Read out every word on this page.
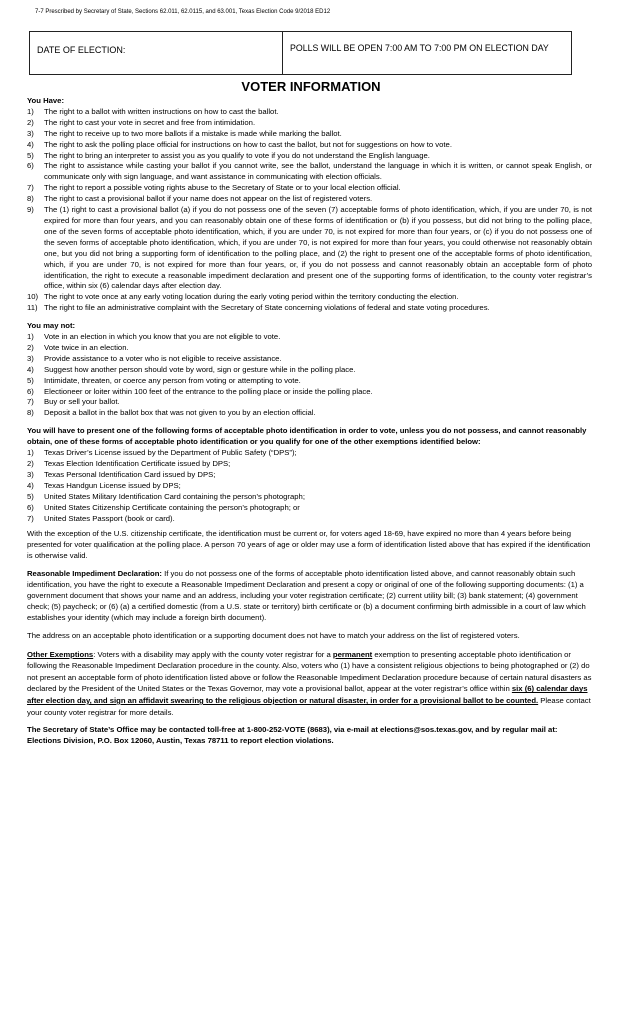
7-7 Prescribed by Secretary of State, Sections 62.011, 62.0115, and 63.001, Texas Election Code 9/2018 ED12
DATE OF ELECTION:	POLLS WILL BE OPEN 7:00 AM TO 7:00 PM ON ELECTION DAY
VOTER INFORMATION
You Have:
1)	The right to a ballot with written instructions on how to cast the ballot.
2)	The right to cast your vote in secret and free from intimidation.
3)	The right to receive up to two more ballots if a mistake is made while marking the ballot.
4)	The right to ask the polling place official for instructions on how to cast the ballot, but not for suggestions on how to vote.
5)	The right to bring an interpreter to assist you as you qualify to vote if you do not understand the English language.
6)	The right to assistance while casting your ballot if you cannot write, see the ballot, understand the language in which it is written, or cannot speak English, or communicate only with sign language, and want assistance in communicating with election officials.
7)	The right to report a possible voting rights abuse to the Secretary of State or to your local election official.
8)	The right to cast a provisional ballot if your name does not appear on the list of registered voters.
9)	The (1) right to cast a provisional ballot (a) if you do not possess one of the seven (7) acceptable forms of photo identification, which, if you are under 70, is not expired for more than four years, and you can reasonably obtain one of these forms of identification or (b) if you possess, but did not bring to the polling place, one of the seven forms of acceptable photo identification, which, if you are under 70, is not expired for more than four years, or (c) if you do not possess one of the seven forms of acceptable photo identification, which, if you are under 70, is not expired for more than four years, you could otherwise not reasonably obtain one, but you did not bring a supporting form of identification to the polling place, and (2) the right to present one of the acceptable forms of photo identification, which, if you are under 70, is not expired for more than four years, or, if you do not possess and cannot reasonably obtain an acceptable form of photo identification, the right to execute a reasonable impediment declaration and present one of the supporting forms of identification, to the county voter registrar’s office, within six (6) calendar days after election day.
10) The right to vote once at any early voting location during the early voting period within the territory conducting the election.
11) The right to file an administrative complaint with the Secretary of State concerning violations of federal and state voting procedures.
You may not:
1)	Vote in an election in which you know that you are not eligible to vote.
2)	Vote twice in an election.
3)	Provide assistance to a voter who is not eligible to receive assistance.
4)	Suggest how another person should vote by word, sign or gesture while in the polling place.
5)	Intimidate, threaten, or coerce any person from voting or attempting to vote.
6)	Electioneer or loiter within 100 feet of the entrance to the polling place or inside the polling place.
7)	Buy or sell your ballot.
8)	Deposit a ballot in the ballot box that was not given to you by an election official.

You will have to present one of the following forms of acceptable photo identification in order to vote, unless you do not possess, and cannot reasonably obtain, one of these forms of acceptable photo identification or you qualify for one of the other exemptions identified below:

1)	Texas Driver’s License issued by the Department of Public Safety (“DPS”);
2)	Texas Election Identification Certificate issued by DPS;
3)	Texas Personal Identification Card issued by DPS;
4)	Texas Handgun License issued by DPS;
5)	United States Military Identification Card containing the person’s photograph;
6)	United States Citizenship Certificate containing the person’s photograph; or
7)	United States Passport (book or card).

With the exception of the U.S. citizenship certificate, the identification must be current or, for voters aged 18-69, have expired no more than 4 years before being presented for voter qualification at the polling place. A person 70 years of age or older may use a form of identification listed above that has expired if the identification is otherwise valid.

Reasonable Impediment Declaration: If you do not possess one of the forms of acceptable photo identification listed above, and cannot reasonably obtain such identification, you have the right to execute a Reasonable Impediment Declaration and present a copy or original of one of the following supporting documents: (1) a government document that shows your name and an address, including your voter registration certificate; (2) current utility bill; (3) bank statement; (4) government check; (5) paycheck; or (6) (a) a certified domestic (from a U.S. state or territory) birth certificate or (b) a document confirming birth admissible in a court of law which establishes your identity (which may include a foreign birth document).

The address on an acceptable photo identification or a supporting document does not have to match your address on the list of registered voters.

Other Exemptions: Voters with a disability may apply with the county voter registrar for a permanent exemption to presenting acceptable photo identification or following the Reasonable Impediment Declaration procedure in the county. Also, voters who (1) have a consistent religious objections to being photographed or (2) do not present an acceptable form of photo identification listed above or follow the Reasonable Impediment Declaration procedure because of certain natural disasters as declared by the President of the United States or the Texas Governor, may vote a provisional ballot, appear at the voter registrar’s office within six (6) calendar days after election day, and sign an affidavit swearing to the religious objection or natural disaster, in order for a provisional ballot to be counted. Please contact your county voter registrar for more details.

The Secretary of State’s Office may be contacted toll-free at 1-800-252-VOTE (8683), via e-mail at elections@sos.texas.gov, and by regular mail at: Elections Division, P.O. Box 12060, Austin, Texas 78711 to report election violations.
